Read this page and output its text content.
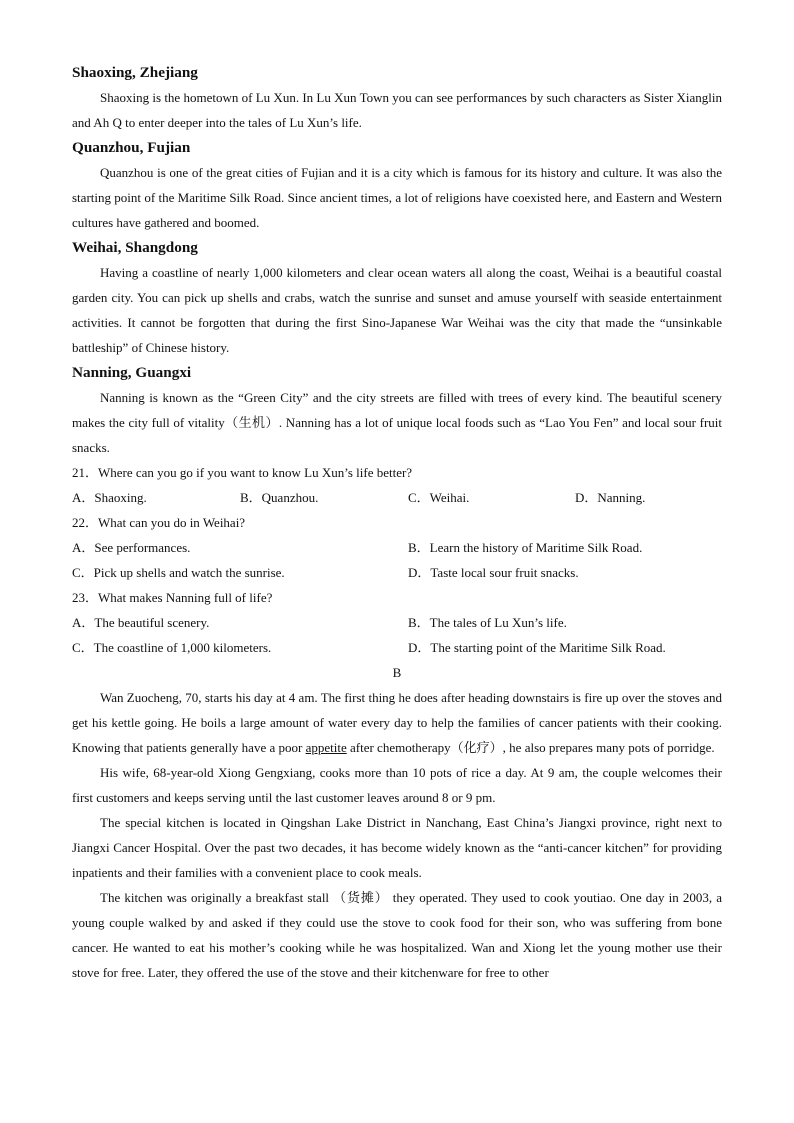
Shaoxing, Zhejiang

Shaoxing is the hometown of Lu Xun. In Lu Xun Town you can see performances by such characters as Sister Xianglin and Ah Q to enter deeper into the tales of Lu Xun’s life.

Quanzhou, Fujian

Quanzhou is one of the great cities of Fujian and it is a city which is famous for its history and culture. It was also the starting point of the Maritime Silk Road. Since ancient times, a lot of religions have coexisted here, and Eastern and Western cultures have gathered and boomed.

Weihai, Shangdong

Having a coastline of nearly 1,000 kilometers and clear ocean waters all along the coast, Weihai is a beautiful coastal garden city. You can pick up shells and crabs, watch the sunrise and sunset and amuse yourself with seaside entertainment activities. It cannot be forgotten that during the first Sino-Japanese War Weihai was the city that made the “unsinkable battleship” of Chinese history.

Nanning, Guangxi

Nanning is known as the “Green City” and the city streets are filled with trees of every kind. The beautiful scenery makes the city full of vitality（生机）. Nanning has a lot of unique local foods such as “Lao You Fen” and local sour fruit snacks.

21．Where can you go if you want to know Lu Xun’s life better?

A．Shaoxing.	B．Quanzhou.	C．Weihai.	D．Nanning.

22．What can you do in Weihai?

A．See performances.	B．Learn the history of Maritime Silk Road.
C．Pick up shells and watch the sunrise.	D．Taste local sour fruit snacks.

23．What makes Nanning full of life?

A．The beautiful scenery.	B．The tales of Lu Xun’s life.
C．The coastline of 1,000 kilometers.	D．The starting point of the Maritime Silk Road.

B

Wan Zuocheng, 70, starts his day at 4 am. The first thing he does after heading downstairs is fire up over the stoves and get his kettle going. He boils a large amount of water every day to help the families of cancer patients with their cooking. Knowing that patients generally have a poor appetite after chemotherapy（化疗）, he also prepares many pots of porridge.

His wife, 68-year-old Xiong Gengxiang, cooks more than 10 pots of rice a day. At 9 am, the couple welcomes their first customers and keeps serving until the last customer leaves around 8 or 9 pm.

The special kitchen is located in Qingshan Lake District in Nanchang, East China’s Jiangxi province, right next to Jiangxi Cancer Hospital. Over the past two decades, it has become widely known as the “anti-cancer kitchen” for providing inpatients and their families with a convenient place to cook meals.

The kitchen was originally a breakfast stall （货摊） they operated. They used to cook youtiao. One day in 2003, a young couple walked by and asked if they could use the stove to cook food for their son, who was suffering from bone cancer. He wanted to eat his mother’s cooking while he was hospitalized. Wan and Xiong let the young mother use their stove for free. Later, they offered the use of the stove and their kitchenware for free to other
